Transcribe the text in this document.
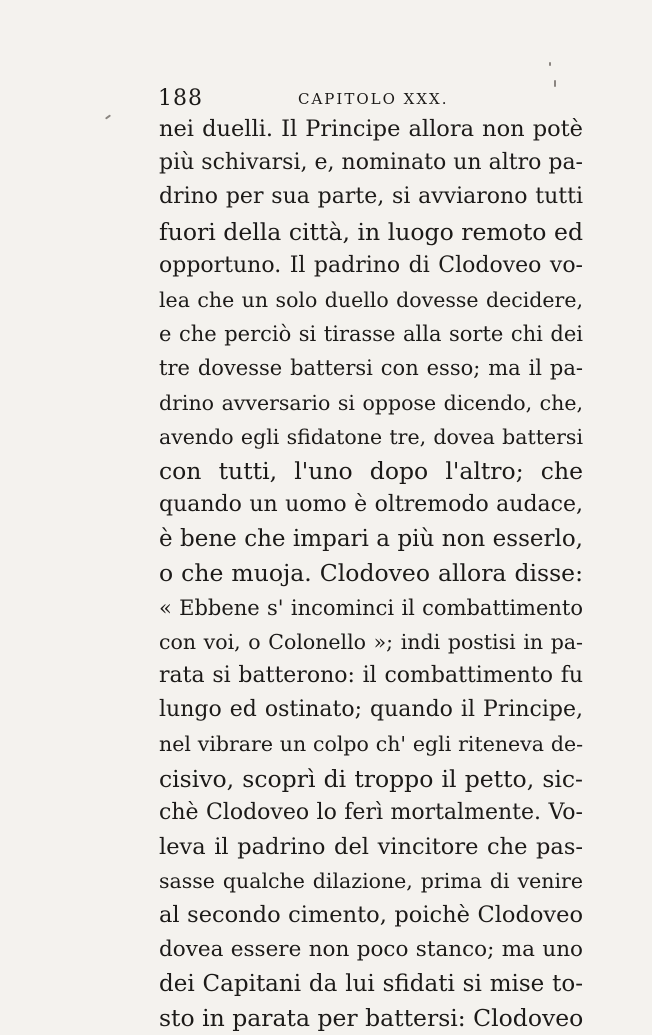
188	CAPITOLO XXX.
nei duelli. Il Principe allora non potè
più schivarsi, e, nominato un altro pa-
drino per sua parte, si avviarono tutti
fuori della città, in luogo remoto ed
opportuno. Il padrino di Clodoveo vo-
lea che un solo duello dovesse decidere,
e che perciò si tirasse alla sorte chi dei
tre dovesse battersi con esso; ma il pa-
drino avversario si oppose dicendo, che,
avendo egli sfidatone tre, dovea battersi
con tutti, l'uno dopo l'altro; che
quando un uomo è oltremodo audace,
è bene che impari a più non esserlo,
o che muoja. Clodoveo allora disse:
« Ebbene s' incominci il combattimento
con voi, o Colonello »; indi postisi in pa-
rata si batterono: il combattimento fu
lungo ed ostinato; quando il Principe,
nel vibrare un colpo ch' egli riteneva de-
cisivo, scoprì di troppo il petto, sic-
chè Clodoveo lo ferì mortalmente. Vo-
leva il padrino del vincitore che pas-
sasse qualche dilazione, prima di venire
al secondo cimento, poichè Clodoveo
dovea essere non poco stanco; ma uno
dei Capitani da lui sfidati si mise to-
sto in parata per battersi: Clodoveo
